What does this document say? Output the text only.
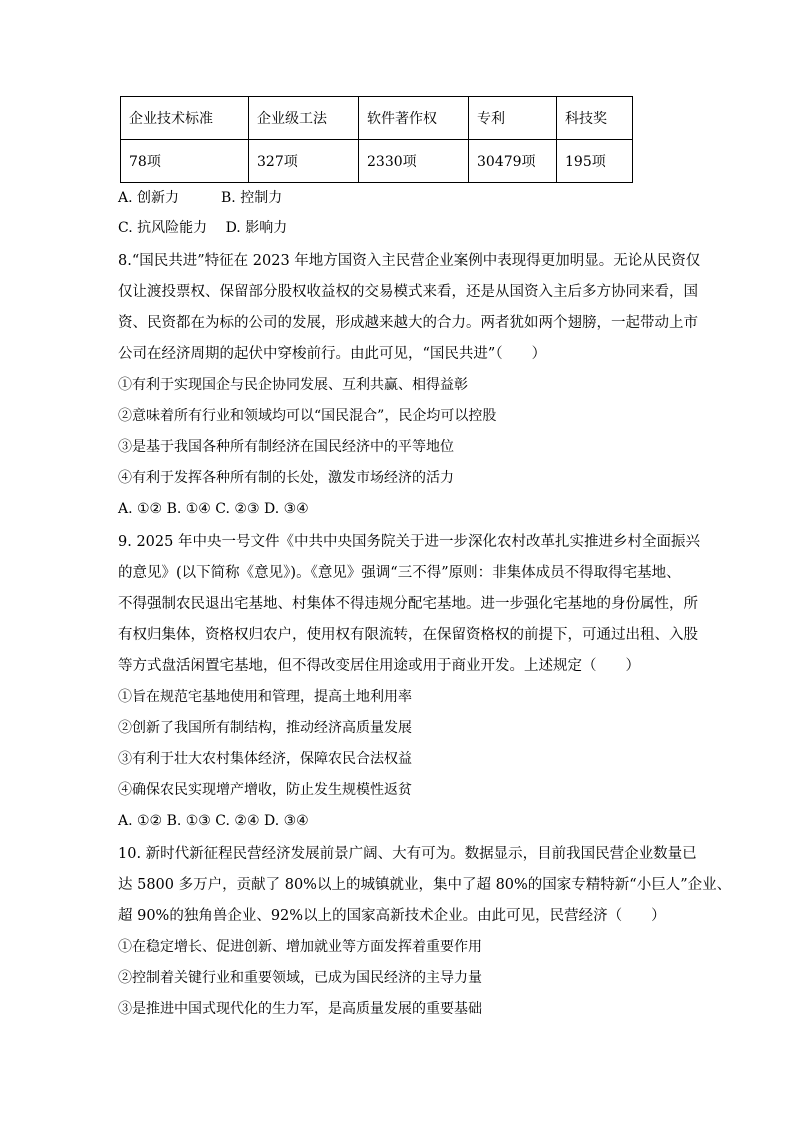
企业技术标准	企业级工法	软件著作权	专利	科技奖
78项	327项	2330项	30479项	195项
A. 创新力　　　B. 控制力
C. 抗风险能力　 D. 影响力
8.“国民共进”特征在 2023 年地方国资入主民营企业案例中表现得更加明显。无论从民资仅
仅让渡投票权、保留部分股权收益权的交易模式来看，还是从国资入主后多方协同来看，国
资、民资都在为标的公司的发展，形成越来越大的合力。两者犹如两个翅膀，一起带动上市
公司在经济周期的起伏中穿梭前行。由此可见，“国民共进”（　　）
①有利于实现国企与民企协同发展、互利共赢、相得益彰
②意味着所有行业和领域均可以“国民混合”，民企均可以控股
③是基于我国各种所有制经济在国民经济中的平等地位
④有利于发挥各种所有制的长处，激发市场经济的活力
A. ①② B. ①④ C. ②③ D. ③④
9. 2025 年中央一号文件《中共中央国务院关于进一步深化农村改革扎实推进乡村全面振兴
的意见》(以下简称《意见》)。《意见》强调“三不得”原则：非集体成员不得取得宅基地、
不得强制农民退出宅基地、村集体不得违规分配宅基地。进一步强化宅基地的身份属性，所
有权归集体，资格权归农户，使用权有限流转，在保留资格权的前提下，可通过出租、入股
等方式盘活闲置宅基地，但不得改变居住用途或用于商业开发。上述规定（　　）
①旨在规范宅基地使用和管理，提高土地利用率
②创新了我国所有制结构，推动经济高质量发展
③有利于壮大农村集体经济，保障农民合法权益
④确保农民实现增产增收，防止发生规模性返贫
A. ①② B. ①③ C. ②④ D. ③④
10. 新时代新征程民营经济发展前景广阔、大有可为。数据显示，目前我国民营企业数量已
达 5800 多万户，贡献了 80%以上的城镇就业，集中了超 80%的国家专精特新“小巨人”企业、
超 90%的独角兽企业、92%以上的国家高新技术企业。由此可见，民营经济（　　）
①在稳定增长、促进创新、增加就业等方面发挥着重要作用
②控制着关键行业和重要领域，已成为国民经济的主导力量
③是推进中国式现代化的生力军，是高质量发展的重要基础
